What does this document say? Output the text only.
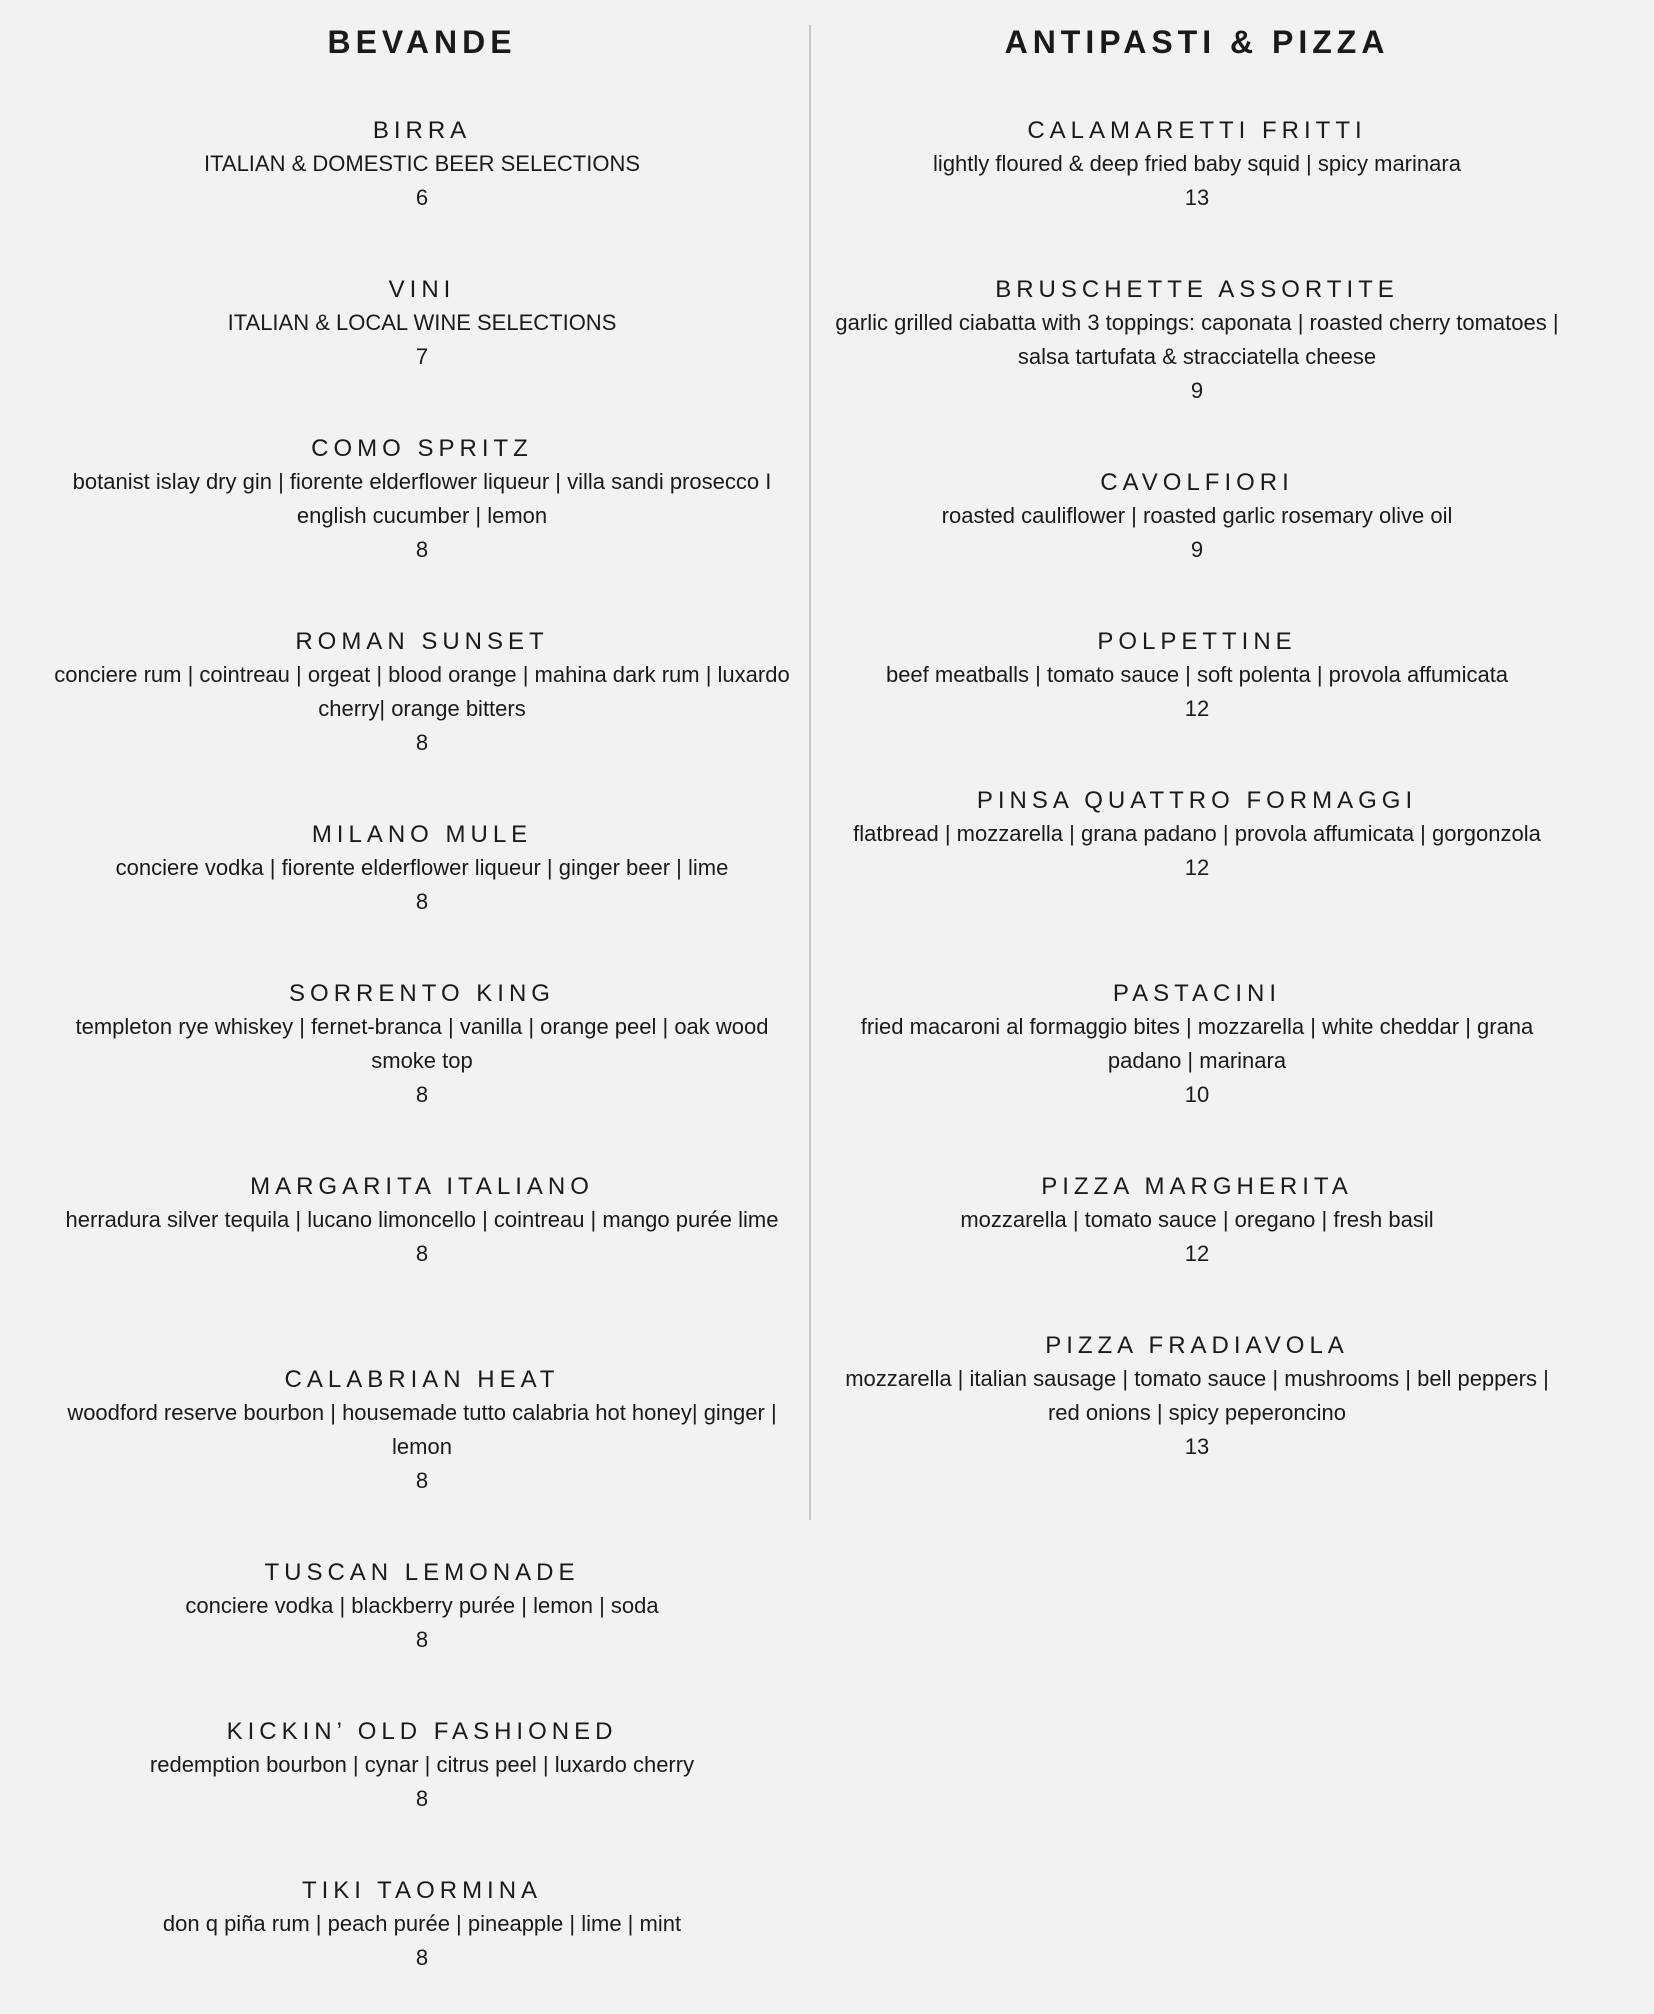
BEVANDE
BIRRA

ITALIAN & DOMESTIC BEER SELECTIONS

6

VINI

ITALIAN & LOCAL WINE SELECTIONS

7

COMO SPRITZ

botanist islay dry gin | fiorente elderflower liqueur | villa sandi prosecco I english cucumber | lemon

8

ROMAN SUNSET

conciere rum | cointreau | orgeat | blood orange | mahina dark rum | luxardo cherry| orange bitters

8

MILANO MULE

conciere vodka | fiorente elderflower liqueur | ginger beer | lime

8

SORRENTO KING

templeton rye whiskey | fernet-branca | vanilla | orange peel | oak wood smoke top

8

MARGARITA ITALIANO

herradura silver tequila | lucano limoncello | cointreau | mango purée lime

8

CALABRIAN HEAT

woodford reserve bourbon | housemade tutto calabria hot honey| ginger | lemon

8

TUSCAN LEMONADE

conciere vodka | blackberry purée | lemon | soda

8

KICKIN’ OLD FASHIONED

redemption bourbon | cynar | citrus peel | luxardo cherry

8

TIKI TAORMINA

don q piña rum | peach purée | pineapple | lime | mint

8

ANTIPASTI & PIZZA
CALAMARETTI FRITTI

lightly floured & deep fried baby squid | spicy marinara

13

BRUSCHETTE ASSORTITE

garlic grilled ciabatta with 3 toppings: caponata | roasted cherry tomatoes | salsa tartufata & stracciatella cheese

9

CAVOLFIORI

roasted cauliflower | roasted garlic rosemary olive oil

9

POLPETTINE

beef meatballs | tomato sauce | soft polenta | provola affumicata

12

PINSA QUATTRO FORMAGGI

flatbread | mozzarella | grana padano | provola affumicata | gorgonzola

12

PASTACINI

fried macaroni al formaggio bites | mozzarella | white cheddar | grana padano | marinara

10

PIZZA MARGHERITA

mozzarella | tomato sauce | oregano | fresh basil

12

PIZZA FRADIAVOLA

mozzarella | italian sausage | tomato sauce | mushrooms | bell peppers | red onions | spicy peperoncino

13
